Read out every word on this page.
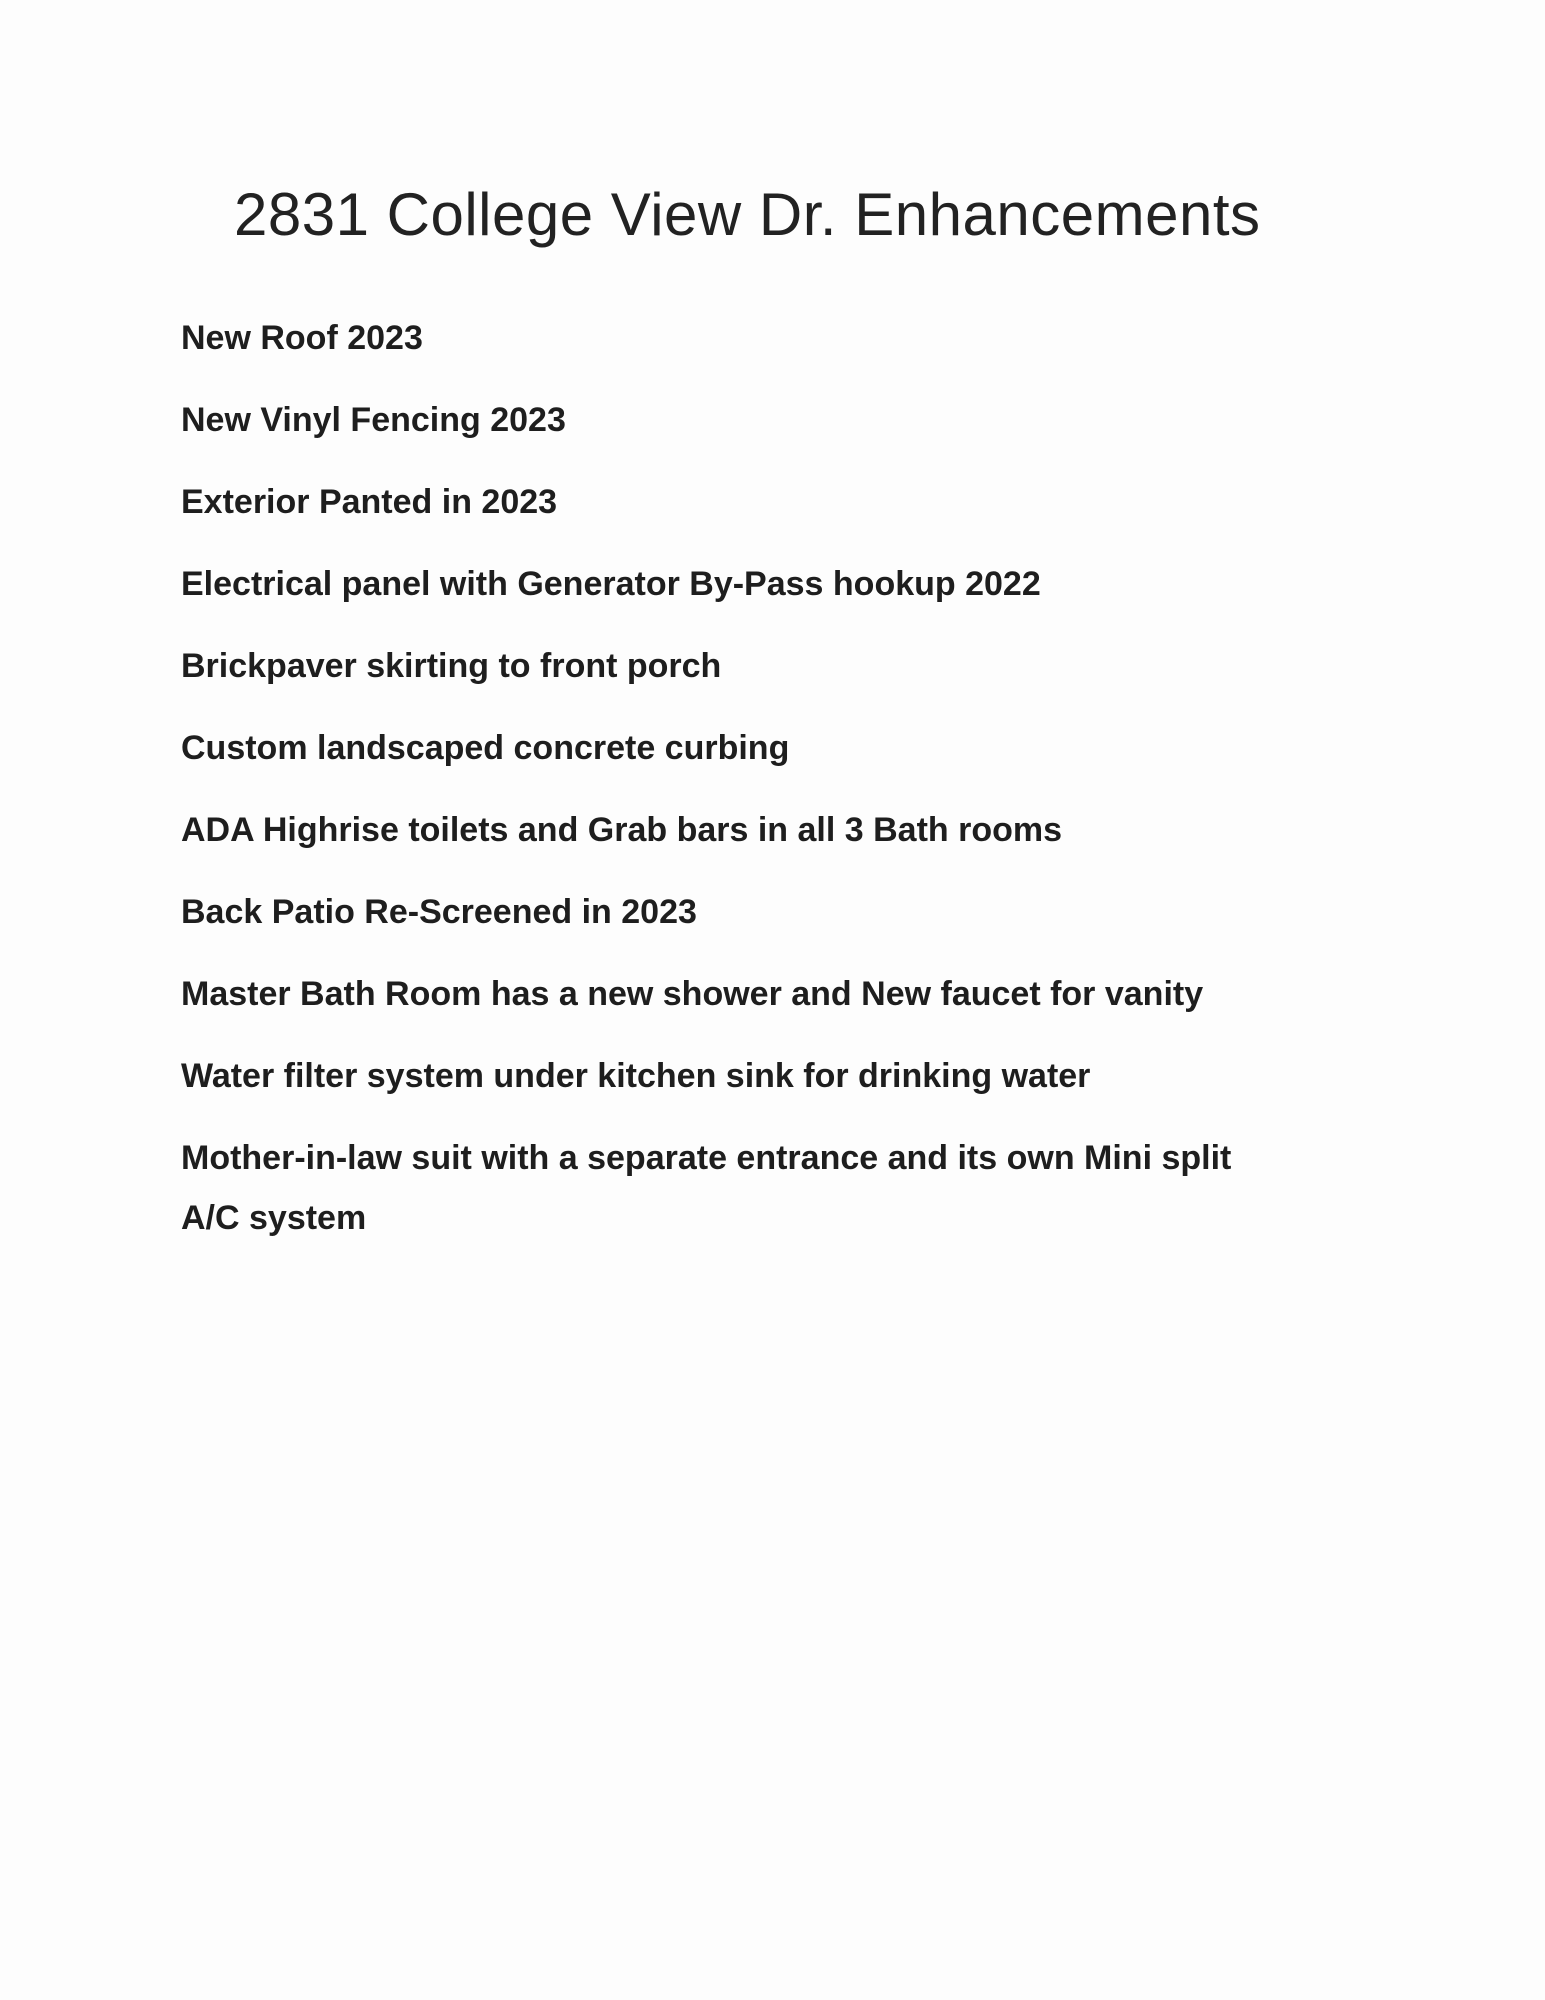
2831 College View Dr. Enhancements
New Roof 2023
New Vinyl Fencing 2023
Exterior Panted in 2023
Electrical panel with Generator By-Pass hookup 2022
Brickpaver skirting to front porch
Custom landscaped concrete curbing
ADA Highrise toilets and Grab bars in all 3 Bath rooms
Back Patio Re-Screened in 2023
Master Bath Room has a new shower and New faucet for vanity
Water filter system under kitchen sink for drinking water
Mother-in-law suit with a separate entrance and its own Mini split A/C system
